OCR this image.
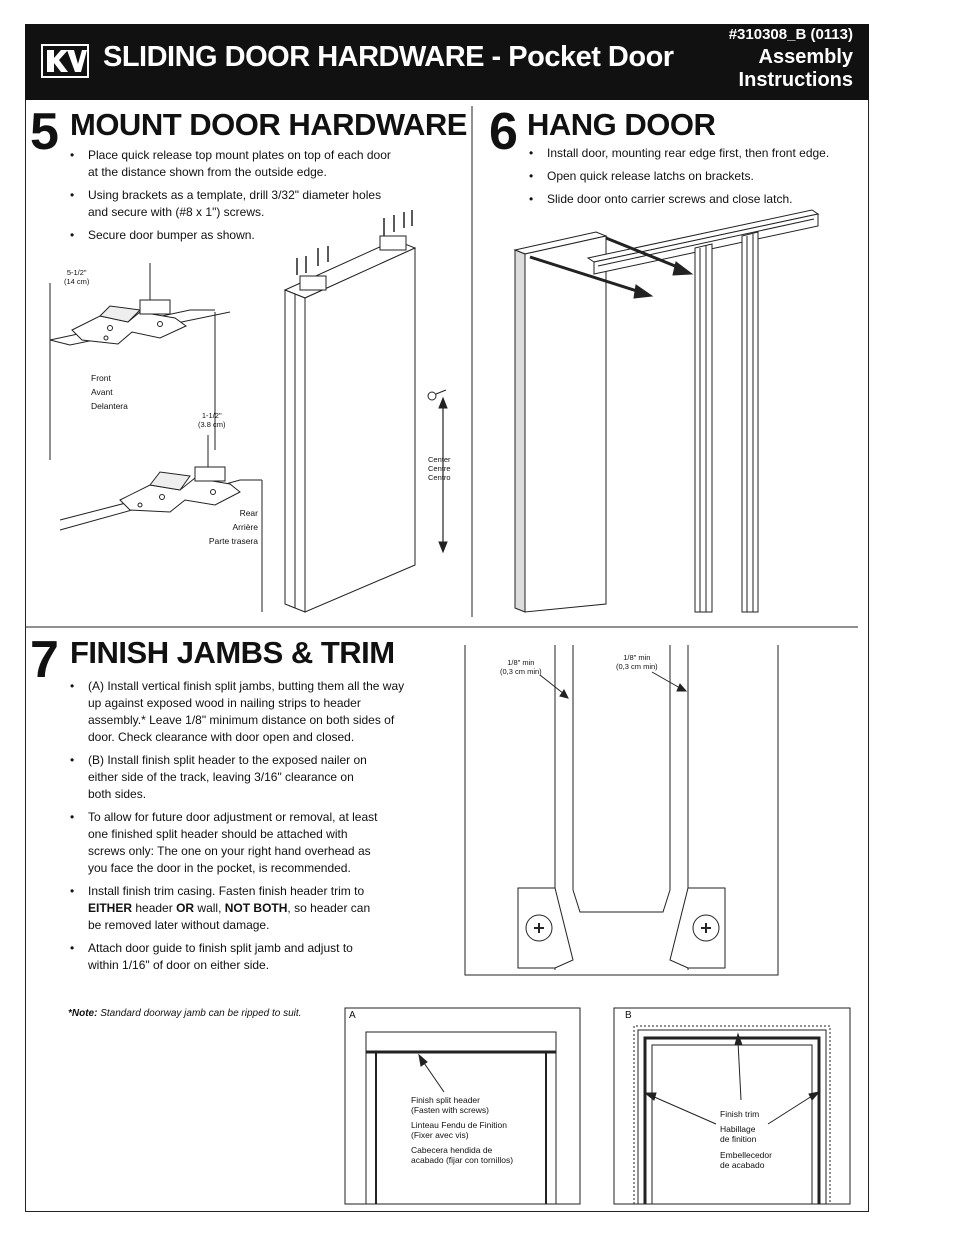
SLIDING DOOR HARDWARE - Pocket Door
#310308_B (0113)
Assembly
Instructions
5 MOUNT DOOR HARDWARE
• Place quick release top mount plates on top of each door at the distance shown from the outside edge.
• Using brackets as a template, drill 3/32" diameter holes and secure with (#8 x 1") screws.
• Secure door bumper as shown.
5-1/2"
(14 cm)
Front
Avant
Delantera
1-1/2"
(3.8 cm)
Rear
Arrière
Parte trasera
Center
Centre
Centro
6 HANG DOOR
• Install door, mounting rear edge first, then front edge.
• Open quick release latchs on brackets.
• Slide door onto carrier screws and close latch.
7 FINISH JAMBS & TRIM
• (A) Install vertical finish split jambs, butting them all the way up against exposed wood in nailing strips to header assembly.* Leave 1/8" minimum distance on both sides of door. Check clearance with door open and closed.
• (B) Install finish split header to the exposed nailer on either side of the track, leaving 3/16" clearance on both sides.
• To allow for future door adjustment or removal, at least one finished split header should be attached with screws only: The one on your right hand overhead as you face the door in the pocket, is recommended.
• Install finish trim casing. Fasten finish header trim to EITHER header OR wall, NOT BOTH, so header can be removed later without damage.
• Attach door guide to finish split jamb and adjust to within 1/16" of door on either side.
*Note: Standard doorway jamb can be ripped to suit.
1/8" min
(0,3 cm min)
1/8" min
(0,3 cm min)
A
Finish split header
(Fasten with screws)
Linteau Fendu de Finition
(Fixer avec vis)
Cabecera hendida de
acabado (fijar con tornillos)
B
Finish trim
Habillage
de finition
Embellecedor
de acabado
